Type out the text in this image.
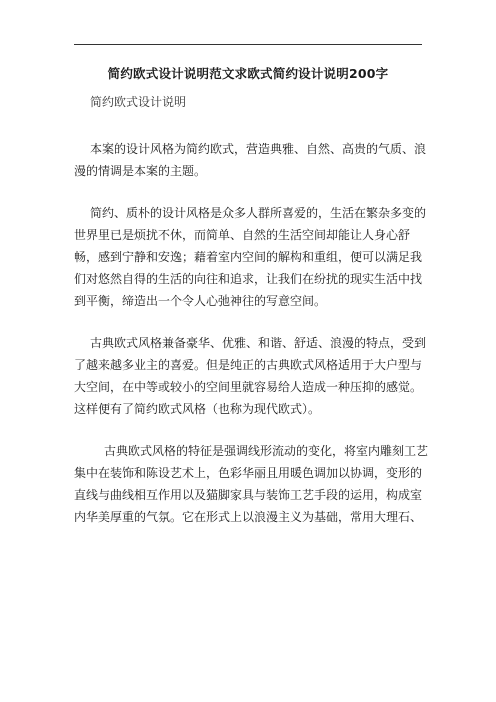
简约欧式设计说明范文求欧式简约设计说明200字
简约欧式设计说明

本案的设计风格为简约欧式，营造典雅、自然、高贵的气质、浪
漫的情调是本案的主题。

简约、质朴的设计风格是众多人群所喜爱的，生活在繁杂多变的
世界里已是烦扰不休，而简单、自然的生活空间却能让人身心舒
畅，感到宁静和安逸；藉着室内空间的解构和重组，便可以满足我
们对悠然自得的生活的向往和追求，让我们在纷扰的现实生活中找
到平衡，缔造出一个令人心弛神往的写意空间。

古典欧式风格兼备豪华、优雅、和谐、舒适、浪漫的特点，受到
了越来越多业主的喜爱。但是纯正的古典欧式风格适用于大户型与
大空间，在中等或较小的空间里就容易给人造成一种压抑的感觉。
这样便有了简约欧式风格（也称为现代欧式）。

古典欧式风格的特征是强调线形流动的变化，将室内雕刻工艺
集中在装饰和陈设艺术上，色彩华丽且用暖色调加以协调，变形的
直线与曲线相互作用以及猫脚家具与装饰工艺手段的运用，构成室
内华美厚重的气氛。它在形式上以浪漫主义为基础，常用大理石、
